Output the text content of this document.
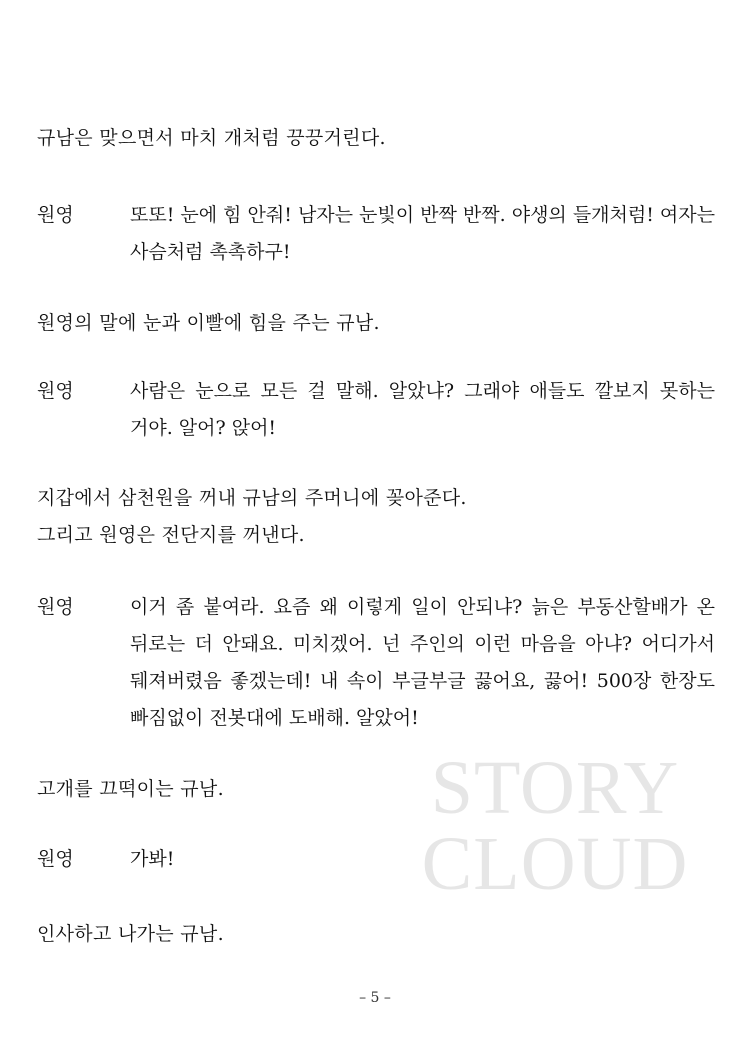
STORY
CLOUD
규남은 맞으면서 마치 개처럼 끙끙거린다.
원영	또또! 눈에 힘 안줘! 남자는 눈빛이 반짝 반짝. 야생의 들개처럼! 여자는 사슴처럼 촉촉하구!
원영의 말에 눈과 이빨에 힘을 주는 규남.
원영	사람은 눈으로 모든 걸 말해. 알았냐? 그래야 애들도 깔보지 못하는 거야. 알어? 앉어!
지갑에서 삼천원을 꺼내 규남의 주머니에 꽂아준다.
그리고 원영은 전단지를 꺼낸다.
원영	이거 좀 붙여라. 요즘 왜 이렇게 일이 안되냐? 늙은 부동산할배가 온 뒤로는 더 안돼요. 미치겠어. 넌 주인의 이런 마음을 아냐? 어디가서 뒈져버렸음 좋겠는데! 내 속이 부글부글 끓어요, 끓어! 500장 한장도 빠짐없이 전봇대에 도배해. 알았어!
고개를 끄떡이는 규남.
원영	가봐!
인사하고 나가는 규남.
– 5 –
